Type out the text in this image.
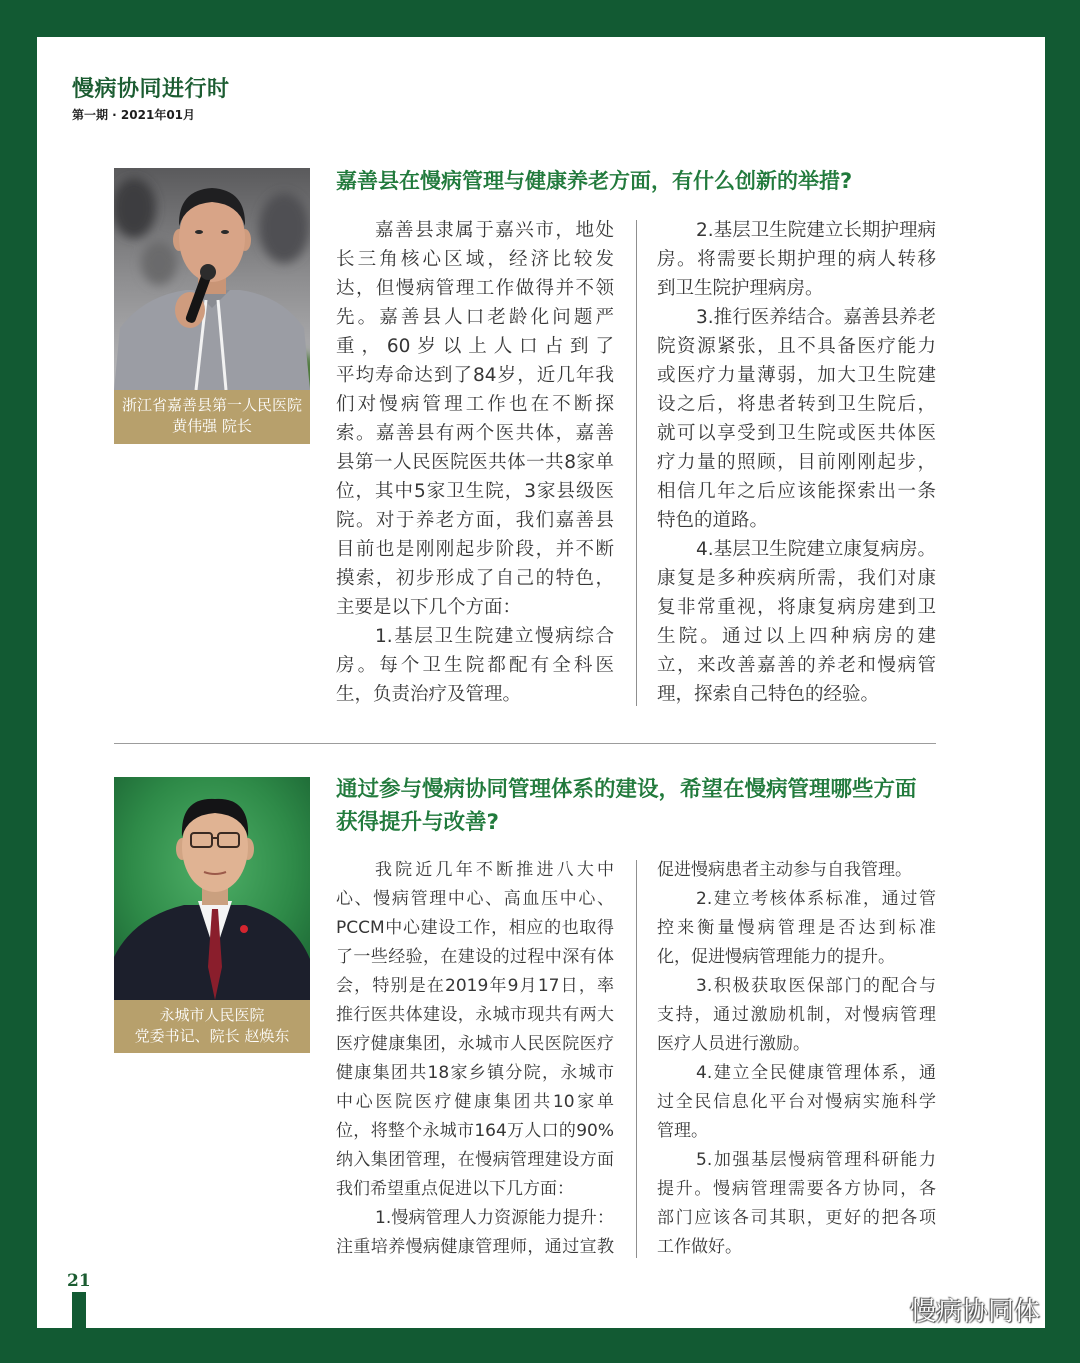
慢病协同进行时
第一期 · 2021年01月
浙江省嘉善县第一人民医院
黄伟强 院长
嘉善县在慢病管理与健康养老方面，有什么创新的举措?
嘉善县隶属于嘉兴市，地处
长三角核心区域，经济比较发
达，但慢病管理工作做得并不领
先。嘉善县人口老龄化问题严
重，60岁以上人口占到了
平均寿命达到了84岁，近几年我
们对慢病管理工作也在不断探
索。嘉善县有两个医共体，嘉善
县第一人民医院医共体一共8家单
位，其中5家卫生院，3家县级医
院。对于养老方面，我们嘉善县
目前也是刚刚起步阶段，并不断
摸索，初步形成了自己的特色，
主要是以下几个方面：
1.基层卫生院建立慢病综合
房。每个卫生院都配有全科医
生，负责治疗及管理。
2.基层卫生院建立长期护理病
房。将需要长期护理的病人转移
到卫生院护理病房。
3.推行医养结合。嘉善县养老
院资源紧张，且不具备医疗能力
或医疗力量薄弱，加大卫生院建
设之后，将患者转到卫生院后，
就可以享受到卫生院或医共体医
疗力量的照顾，目前刚刚起步，
相信几年之后应该能探索出一条
特色的道路。
4.基层卫生院建立康复病房。
康复是多种疾病所需，我们对康
复非常重视，将康复病房建到卫
生院。通过以上四种病房的建
立，来改善嘉善的养老和慢病管
理，探索自己特色的经验。
永城市人民医院
党委书记、院长 赵焕东
通过参与慢病协同管理体系的建设，希望在慢病管理哪些方面
获得提升与改善?
我院近几年不断推进八大中
心、慢病管理中心、高血压中心、
PCCM中心建设工作，相应的也取得
了一些经验，在建设的过程中深有体
会，特别是在2019年9月17日，率
推行医共体建设，永城市现共有两大
医疗健康集团，永城市人民医院医疗
健康集团共18家乡镇分院，永城市
中心医院医疗健康集团共10家单
位，将整个永城市164万人口的90%
纳入集团管理，在慢病管理建设方面
我们希望重点促进以下几方面：
1.慢病管理人力资源能力提升：
注重培养慢病健康管理师，通过宣教
促进慢病患者主动参与自我管理。
2.建立考核体系标准，通过管
控来衡量慢病管理是否达到标准
化，促进慢病管理能力的提升。
3.积极获取医保部门的配合与
支持，通过激励机制，对慢病管理
医疗人员进行激励。
4.建立全民健康管理体系，通
过全民信息化平台对慢病实施科学
管理。
5.加强基层慢病管理科研能力
提升。慢病管理需要各方协同，各
部门应该各司其职，更好的把各项
工作做好。
21
慢病协同体
